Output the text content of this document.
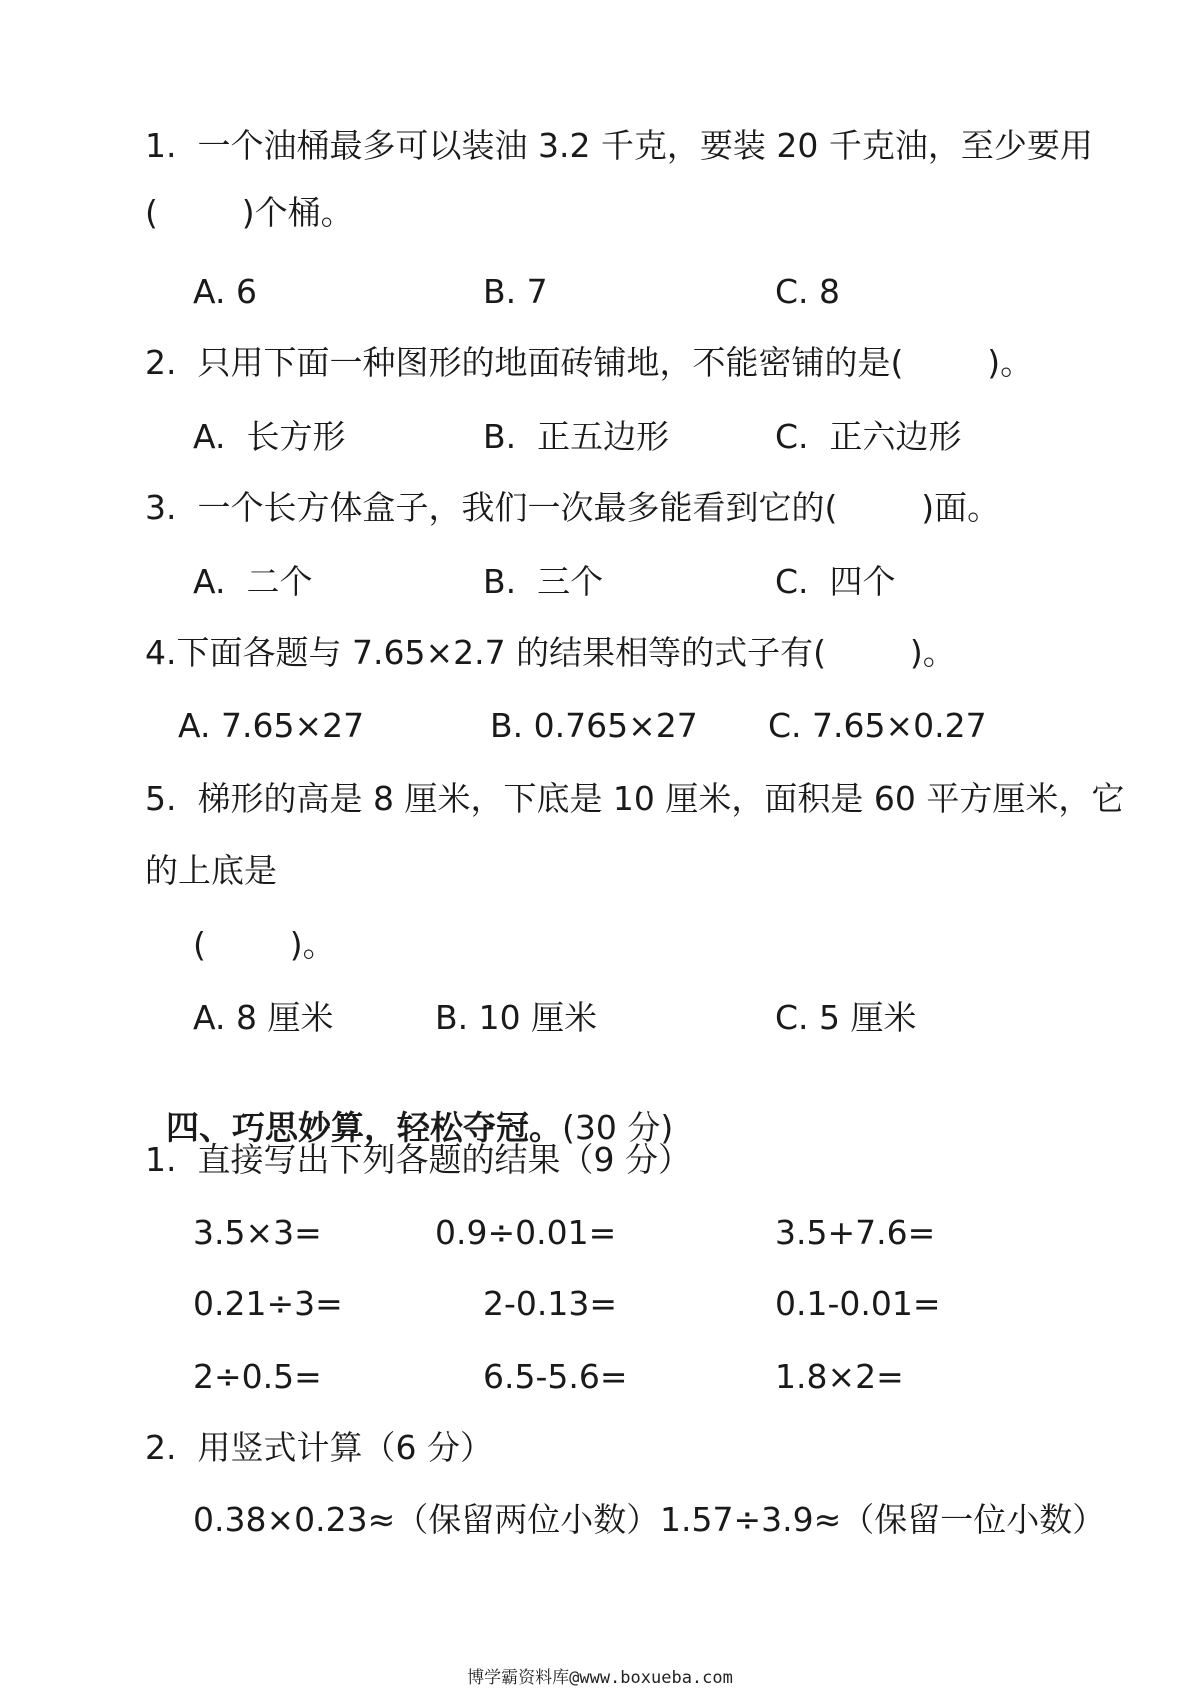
1.  一个油桶最多可以装油 3.2 千克，要装 20 千克油，至少要用
(        )个桶。
A. 6	B. 7	C. 8
2.  只用下面一种图形的地面砖铺地，不能密铺的是(        )。
A.  长方形	B.  正五边形	C.  正六边形
3.  一个长方体盒子，我们一次最多能看到它的(        )面。
A.  二个	B.  三个	C.  四个
4.下面各题与 7.65×2.7 的结果相等的式子有(        )。
A. 7.65×27	B. 0.765×27 C. 7.65×0.27
5.  梯形的高是 8 厘米，下底是 10 厘米，面积是 60 平方厘米，它
的上底是
(        )。
A. 8 厘米	B. 10 厘米	C. 5 厘米

四、巧思妙算，轻松夺冠。(30 分)

1.  直接写出下列各题的结果（9 分）
3.5×3=	0.9÷0.01=	3.5+7.6=
0.21÷3=	2-0.13=	0.1-0.01=
2÷0.5=	6.5-5.6=	1.8×2=
2.  用竖式计算（6 分）
0.38×0.23≈（保留两位小数） 1.57÷3.9≈（保留一位小数）
博学霸资料库@www.boxueba.com
